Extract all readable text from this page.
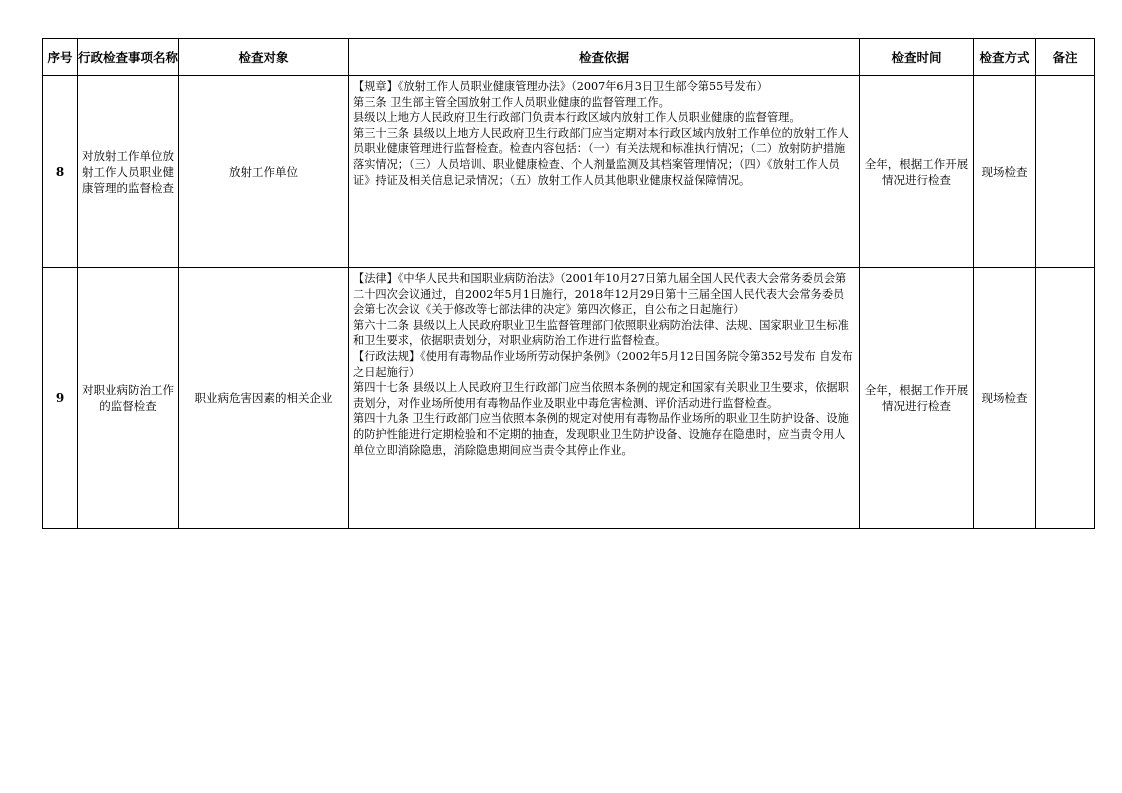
序号	行政检查事项名称	检查对象	检查依据	检查时间	检查方式	备注
8	对放射工作单位放射工作人员职业健康管理的监督检查	放射工作单位	【规章】《放射工作人员职业健康管理办法》（2007年6月3日卫生部令第55号发布）
第三条 卫生部主管全国放射工作人员职业健康的监督管理工作。
县级以上地方人民政府卫生行政部门负责本行政区域内放射工作人员职业健康的监督管理。
第三十三条 县级以上地方人民政府卫生行政部门应当定期对本行政区域内放射工作单位的放射工作人员职业健康管理进行监督检查。检查内容包括：（一）有关法规和标准执行情况；（二）放射防护措施落实情况；（三）人员培训、职业健康检查、个人剂量监测及其档案管理情况；（四）《放射工作人员证》持证及相关信息记录情况；（五）放射工作人员其他职业健康权益保障情况。	全年，根据工作开展情况进行检查	现场检查	
9	对职业病防治工作的监督检查	职业病危害因素的相关企业	【法律】《中华人民共和国职业病防治法》（2001年10月27日第九届全国人民代表大会常务委员会第二十四次会议通过，自2002年5月1日施行，2018年12月29日第十三届全国人民代表大会常务委员会第七次会议《关于修改等七部法律的决定》第四次修正，自公布之日起施行）
第六十二条 县级以上人民政府职业卫生监督管理部门依照职业病防治法律、法规、国家职业卫生标准和卫生要求，依据职责划分，对职业病防治工作进行监督检查。
【行政法规】《使用有毒物品作业场所劳动保护条例》（2002年5月12日国务院令第352号发布 自发布之日起施行）
第四十七条 县级以上人民政府卫生行政部门应当依照本条例的规定和国家有关职业卫生要求，依据职责划分，对作业场所使用有毒物品作业及职业中毒危害检测、评价活动进行监督检查。
第四十九条 卫生行政部门应当依照本条例的规定对使用有毒物品作业场所的职业卫生防护设备、设施的防护性能进行定期检验和不定期的抽查，发现职业卫生防护设备、设施存在隐患时，应当责令用人单位立即消除隐患，消除隐患期间应当责令其停止作业。	全年，根据工作开展情况进行检查	现场检查	
